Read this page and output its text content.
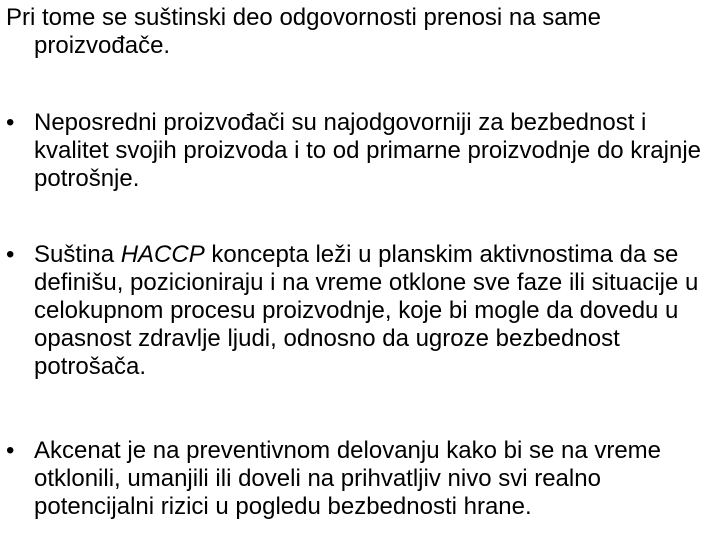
Pri tome se suštinski deo odgovornosti prenosi na same proizvođače.

• Neposredni proizvođači su najodgovorniji za bezbednost i kvalitet svojih proizvoda i to od primarne proizvodnje do krajnje potrošnje.
• Suština HACCP koncepta leži u planskim aktivnostima da se definišu, pozicioniraju i na vreme otklone sve faze ili situacije u celokupnom procesu proizvodnje, koje bi mogle da dovedu u opasnost zdravlje ljudi, odnosno da ugroze bezbednost potrošača.
• Akcenat je na preventivnom delovanju kako bi se na vreme otklonili, umanjili ili doveli na prihvatljiv nivo svi realno potencijalni rizici u pogledu bezbednosti hrane.
